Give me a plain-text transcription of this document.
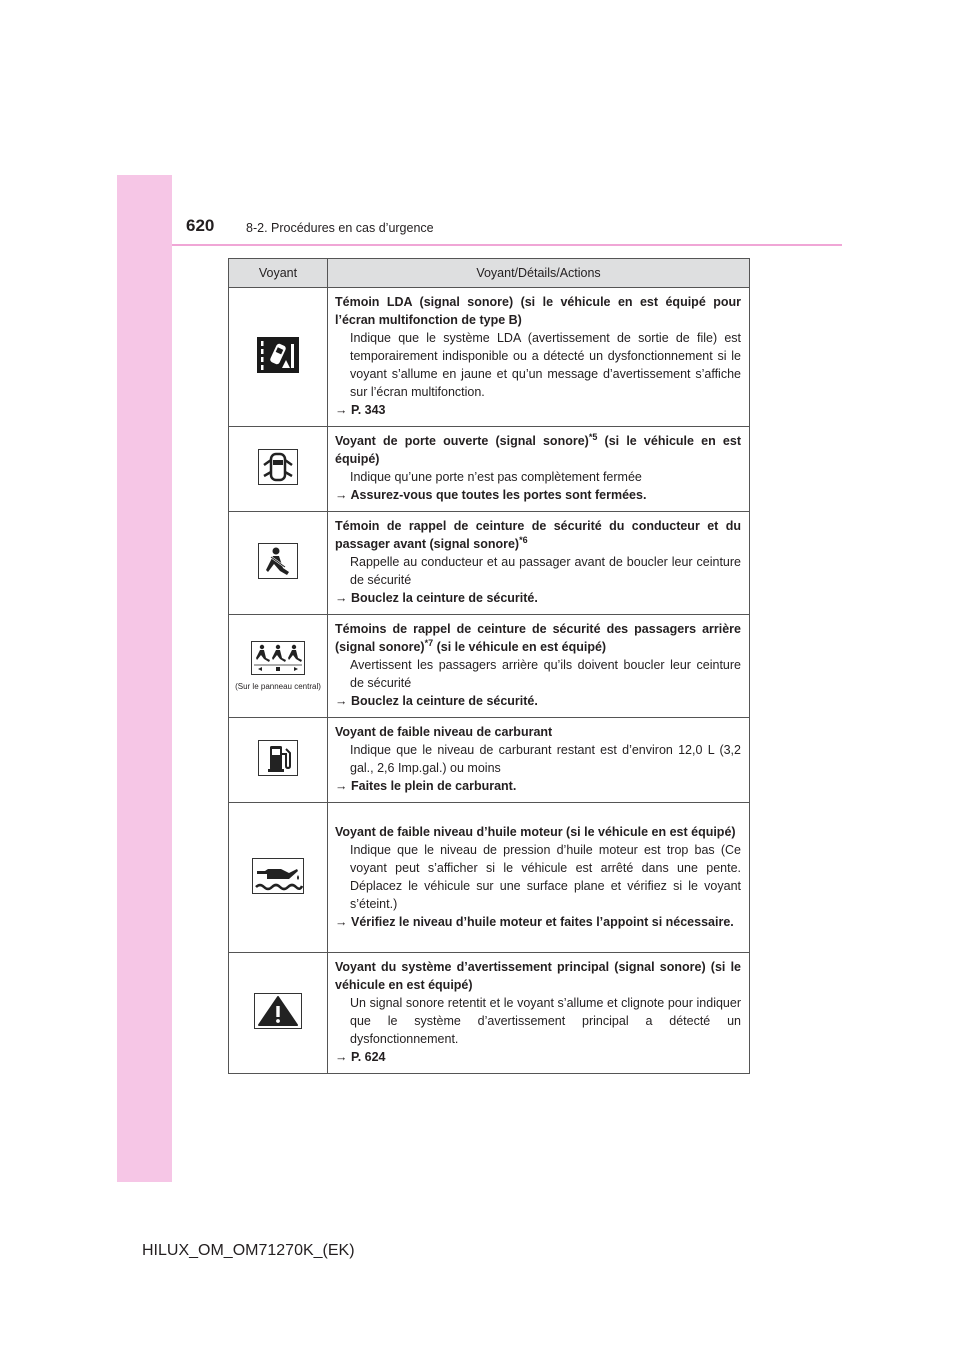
620	8-2. Procédures en cas d’urgence
Voyant	Voyant/Détails/Actions

Témoin LDA (signal sonore) (si le véhicule en est équipé pour l’écran multifonction de type B)

Indique que le système LDA (avertissement de sortie de file) est temporairement indisponible ou a détecté un dysfonctionnement si le voyant s’allume en jaune et qu’un message d’avertissement s’affiche sur l’écran multifonction.

→ P. 343

Voyant de porte ouverte (signal sonore)$^{*5}$ (si le véhicule en est équipé)

Indique qu’une porte n’est pas complètement fermée

→ Assurez-vous que toutes les portes sont fermées.

Témoin de rappel de ceinture de sécurité du conducteur et du passager avant (signal sonore)$^{*6}$

Rappelle au conducteur et au passager avant de boucler leur ceinture de sécurité

→ Bouclez la ceinture de sécurité.

(Sur le panneau central)	Témoins de rappel de ceinture de sécurité des passagers arrière (signal sonore)$^{*7}$ (si le véhicule en est équipé)

Avertissent les passagers arrière qu’ils doivent boucler leur ceinture de sécurité

→ Bouclez la ceinture de sécurité.

Voyant de faible niveau de carburant

Indique que le niveau de carburant restant est d’environ 12,0 L (3,2 gal., 2,6 Imp.gal.) ou moins

→ Faites le plein de carburant.

Voyant de faible niveau d’huile moteur (si le véhicule en est équipé)

Indique que le niveau de pression d’huile moteur est trop bas (Ce voyant peut s’afficher si le véhicule est arrêté dans une pente. Déplacez le véhicule sur une surface plane et vérifiez si le voyant s’éteint.)

→ Vérifiez le niveau d’huile moteur et faites l’appoint si nécessaire.

Voyant du système d’avertissement principal (signal sonore) (si le véhicule en est équipé)

Un signal sonore retentit et le voyant s’allume et clignote pour indiquer que le système d’avertissement principal a détecté un dysfonctionnement.

→ P. 624

HILUX_OM_OM71270K_(EK)
